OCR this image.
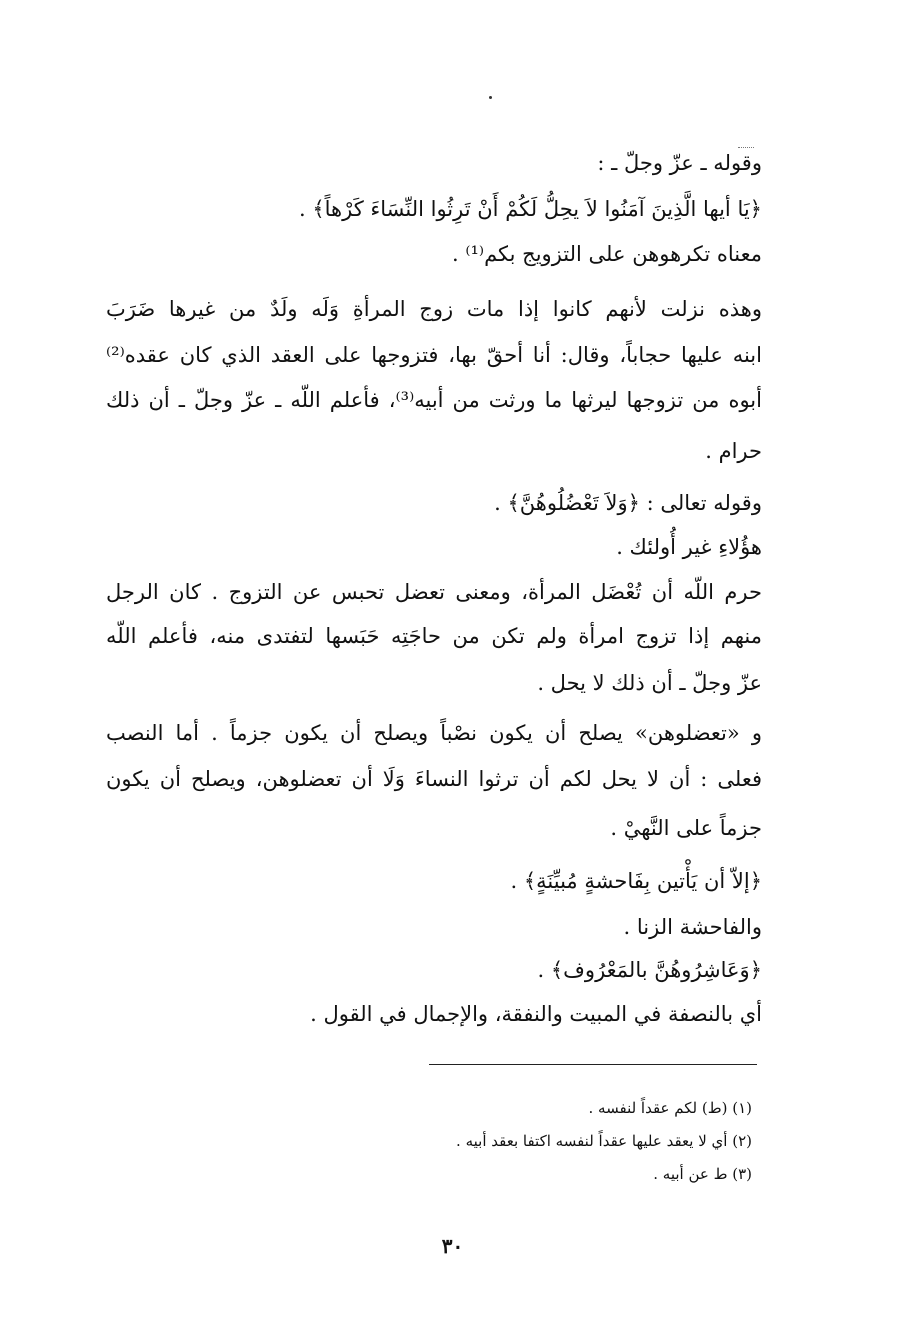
وقوله ـ عزّ وجلّ ـ :
﴿يَا أيها الَّذِينَ آمَنُوا لاَ يحِلُّ لَكُمْ أَنْ تَرِثُوا النِّسَاءَ كَرْهاً﴾ .
معناه تكرهوهن على التزويج بكم⁽¹⁾ .
وهذه نزلت لأنهم كانوا إذا مات زوج المرأةِ وَلَه ولَدٌ من غيرها ضَرَبَ
ابنه عليها حجاباً، وقال: أنا أحقّ بها، فتزوجها على العقد الذي كان عقده⁽²⁾
أبوه من تزوجها ليرثها ما ورثت من أبيه⁽³⁾، فأعلم اللّه ـ عزّ وجلّ ـ أن ذلك
حرام .
وقوله تعالى : ﴿وَلاَ تَعْضُلُوهُنَّ﴾ .
هؤُلاءِ غير أُولئك .
حرم اللّه أن تُعْضَل المرأة، ومعنى تعضل تحبس عن التزوج . كان الرجل
منهم إذا تزوج امرأة ولم تكن من حاجَتِه حَبَسها لتفتدى منه، فأعلم اللّه
عزّ وجلّ ـ أن ذلك لا يحل .
و «تعضلوهن» يصلح أن يكون نصْباً ويصلح أن يكون جزماً . أما النصب
فعلى : أن لا يحل لكم أن ترثوا النساءَ وَلَا أن تعضلوهن، ويصلح أن يكون
جزماً على النَّهيْ .
﴿إلاّ أن يَأْتين بِفَاحشةٍ مُبيِّنَةٍ﴾ .
والفاحشة الزنا .
﴿وَعَاشِرُوهُنَّ بالمَعْرُوف﴾ .
أي بالنصفة في المبيت والنفقة، والإجمال في القول .
(١) (ط) لكم عقداً لنفسه .
(٢) أي لا يعقد عليها عقداً لنفسه اكتفا بعقد أبيه .
(٣) ط عن أبيه .
٣٠
